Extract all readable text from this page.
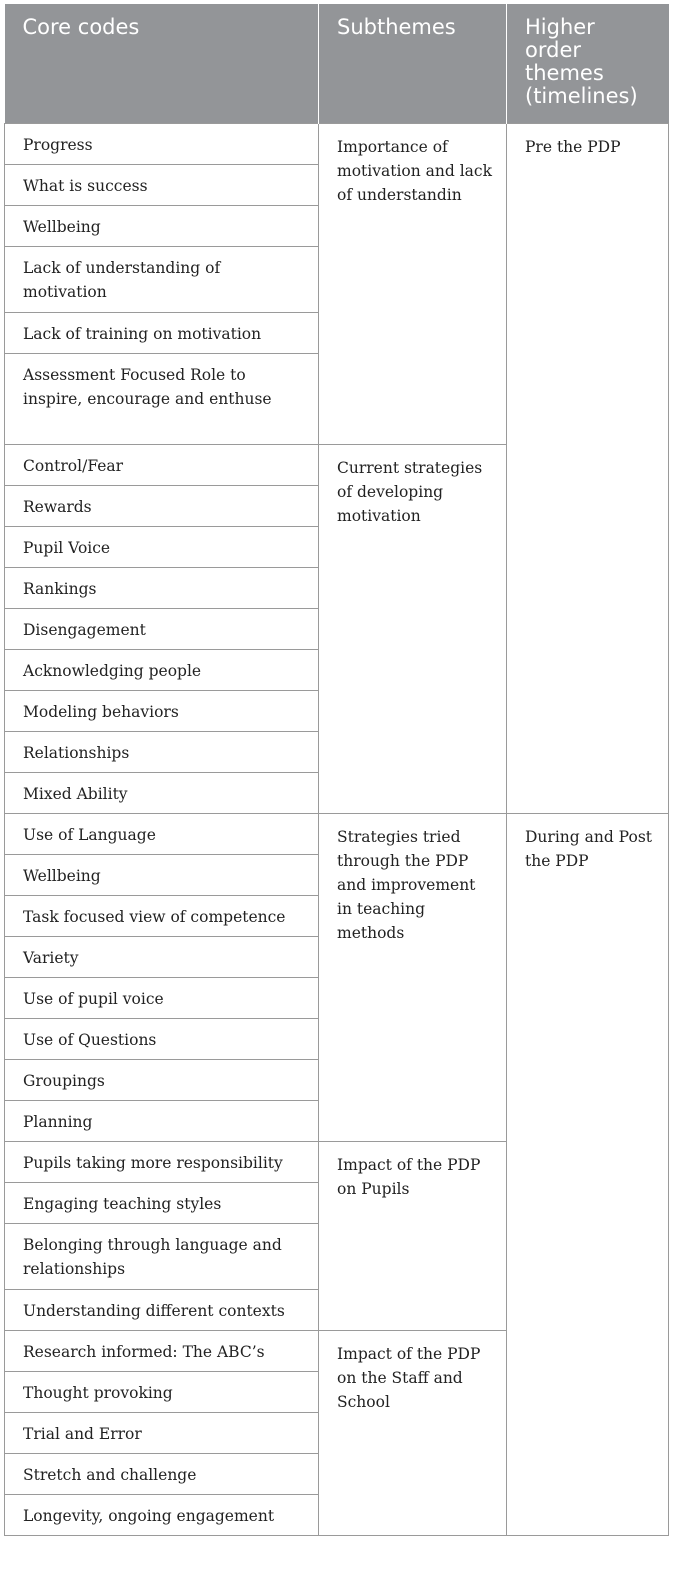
Core codes	Subthemes	Higher order themes (timelines)
Progress	Importance of motivation and lack of understandin	Pre the PDP
What is success		
Wellbeing		
Lack of understanding of motivation		
Lack of training on motivation		
Assessment Focused Role to inspire, encourage and enthuse		
Control/Fear	Current strategies of developing motivation	
Rewards		
Pupil Voice		
Rankings		
Disengagement		
Acknowledging people		
Modeling behaviors		
Relationships		
Mixed Ability		
Use of Language	Strategies tried through the PDP and improvement in teaching methods	During and Post the PDP
Wellbeing		
Task focused view of competence		
Variety		
Use of pupil voice		
Use of Questions		
Groupings		
Planning		
Pupils taking more responsibility	Impact of the PDP on Pupils	
Engaging teaching styles		
Belonging through language and relationships		
Understanding different contexts		
Research informed: The ABC’s	Impact of the PDP on the Staff and School	
Thought provoking		
Trial and Error		
Stretch and challenge		
Longevity, ongoing engagement		
